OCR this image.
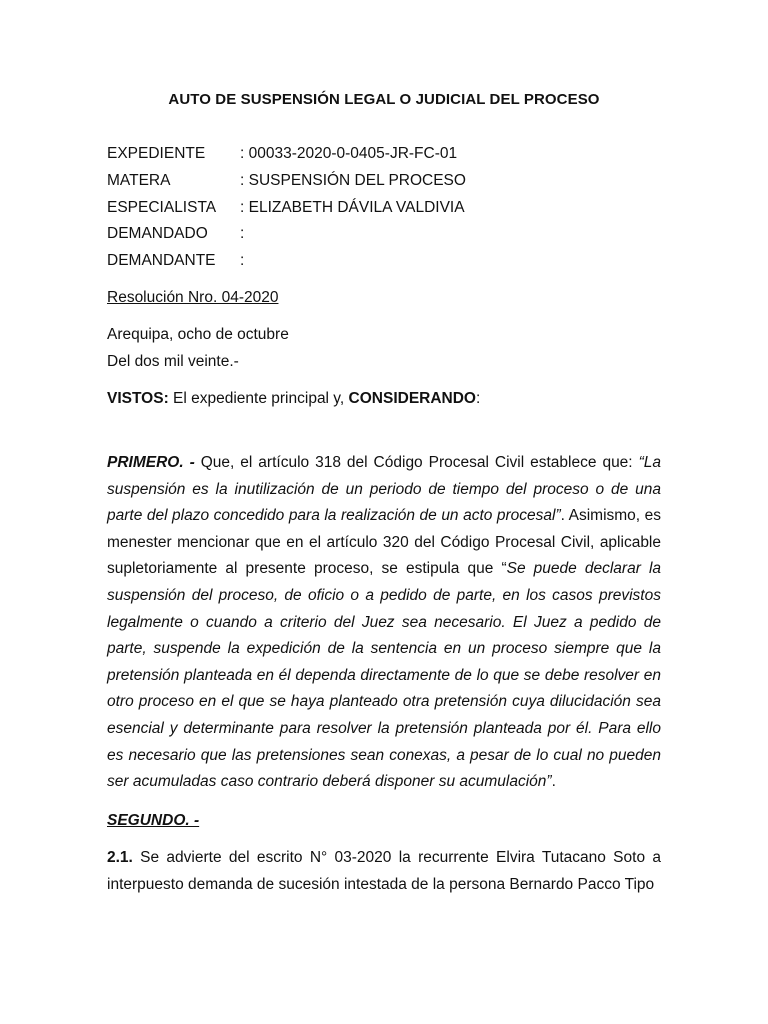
AUTO DE SUSPENSIÓN LEGAL O JUDICIAL DEL PROCESO
EXPEDIENTE : 00033-2020-0-0405-JR-FC-01
MATERA	: SUSPENSIÓN DEL PROCESO
ESPECIALISTA : ELIZABETH DÁVILA VALDIVIA
DEMANDADO :
DEMANDANTE :
Resolución Nro. 04-2020
Arequipa, ocho de octubre
Del dos mil veinte.-
VISTOS: El expediente principal y, CONSIDERANDO:
PRIMERO. - Que, el artículo 318 del Código Procesal Civil establece que: “La suspensión es la inutilización de un periodo de tiempo del proceso o de una parte del plazo concedido para la realización de un acto procesal”. Asimismo, es menester mencionar que en el artículo 320 del Código Procesal Civil, aplicable supletoriamente al presente proceso, se estipula que “Se puede declarar la suspensión del proceso, de oficio o a pedido de parte, en los casos previstos legalmente o cuando a criterio del Juez sea necesario. El Juez a pedido de parte, suspende la expedición de la sentencia en un proceso siempre que la pretensión planteada en él dependa directamente de lo que se debe resolver en otro proceso en el que se haya planteado otra pretensión cuya dilucidación sea esencial y determinante para resolver la pretensión planteada por él. Para ello es necesario que las pretensiones sean conexas, a pesar de lo cual no pueden ser acumuladas caso contrario deberá disponer su acumulación”.
SEGUNDO. -
2.1. Se advierte del escrito N° 03-2020 la recurrente Elvira Tutacano Soto a interpuesto demanda de sucesión intestada de la persona Bernardo Pacco Tipo
